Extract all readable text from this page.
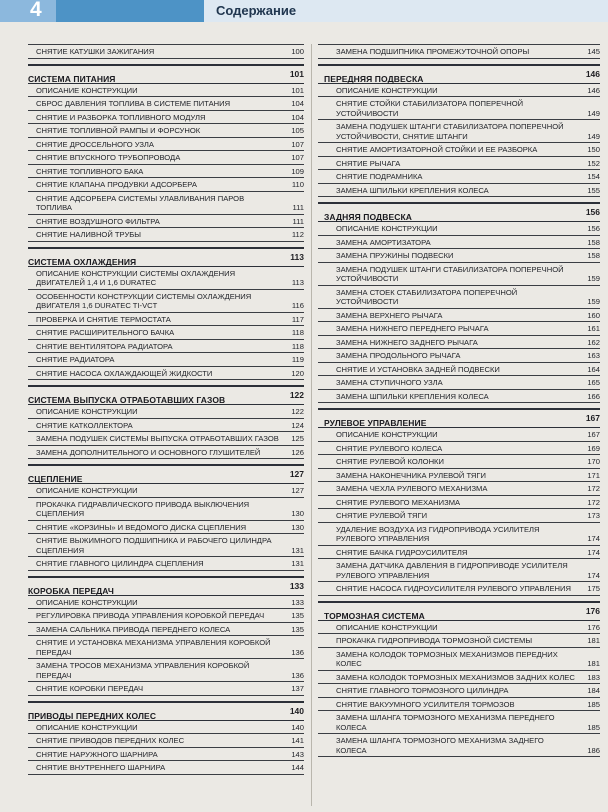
4	Содержание
СНЯТИЕ КАТУШКИ ЗАЖИГАНИЯ	100
СИСТЕМА ПИТАНИЯ	101
ОПИСАНИЕ КОНСТРУКЦИИ	101
СБРОС ДАВЛЕНИЯ ТОПЛИВА В СИСТЕМЕ ПИТАНИЯ	104
СНЯТИЕ И РАЗБОРКА ТОПЛИВНОГО МОДУЛЯ	104
СНЯТИЕ ТОПЛИВНОЙ РАМПЫ И ФОРСУНОК	105
СНЯТИЕ ДРОССЕЛЬНОГО УЗЛА	107
СНЯТИЕ ВПУСКНОГО ТРУБОПРОВОДА	107
СНЯТИЕ ТОПЛИВНОГО БАКА	109
СНЯТИЕ КЛАПАНА ПРОДУВКИ АДСОРБЕРА	110
СНЯТИЕ АДСОРБЕРА СИСТЕМЫ УЛАВЛИВАНИЯ ПАРОВ ТОПЛИВА	111
СНЯТИЕ ВОЗДУШНОГО ФИЛЬТРА	111
СНЯТИЕ НАЛИВНОЙ ТРУБЫ	112
СИСТЕМА ОХЛАЖДЕНИЯ	113
ОПИСАНИЕ КОНСТРУКЦИИ СИСТЕМЫ ОХЛАЖДЕНИЯ ДВИГАТЕЛЕЙ 1,4 И 1,6 DURATEC	113
ОСОБЕННОСТИ КОНСТРУКЦИИ СИСТЕМЫ ОХЛАЖДЕНИЯ ДВИГАТЕЛЯ 1,6 DURATEC TI-VCT	116
ПРОВЕРКА И СНЯТИЕ ТЕРМОСТАТА	117
СНЯТИЕ РАСШИРИТЕЛЬНОГО БАЧКА	118
СНЯТИЕ ВЕНТИЛЯТОРА РАДИАТОРА	118
СНЯТИЕ РАДИАТОРА	119
СНЯТИЕ НАСОСА ОХЛАЖДАЮЩЕЙ ЖИДКОСТИ	120
СИСТЕМА ВЫПУСКА ОТРАБОТАВШИХ ГАЗОВ	122
ОПИСАНИЕ КОНСТРУКЦИИ	122
СНЯТИЕ КАТКОЛЛЕКТОРА	124
ЗАМЕНА ПОДУШЕК СИСТЕМЫ ВЫПУСКА ОТРАБОТАВШИХ ГАЗОВ 125
ЗАМЕНА ДОПОЛНИТЕЛЬНОГО И ОСНОВНОГО ГЛУШИТЕЛЕЙ	126
СЦЕПЛЕНИЕ	127
ОПИСАНИЕ КОНСТРУКЦИИ	127
ПРОКАЧКА ГИДРАВЛИЧЕСКОГО ПРИВОДА ВЫКЛЮЧЕНИЯ СЦЕПЛЕНИЯ	130
СНЯТИЕ «КОРЗИНЫ» И ВЕДОМОГО ДИСКА СЦЕПЛЕНИЯ	130
СНЯТИЕ ВЫЖИМНОГО ПОДШИПНИКА И РАБОЧЕГО ЦИЛИНДРА СЦЕПЛЕНИЯ	131
СНЯТИЕ ГЛАВНОГО ЦИЛИНДРА СЦЕПЛЕНИЯ	131
КОРОБКА ПЕРЕДАЧ	133
ОПИСАНИЕ КОНСТРУКЦИИ	133
РЕГУЛИРОВКА ПРИВОДА УПРАВЛЕНИЯ КОРОБКОЙ ПЕРЕДАЧ	135
ЗАМЕНА САЛЬНИКА ПРИВОДА ПЕРЕДНЕГО КОЛЕСА	135
СНЯТИЕ И УСТАНОВКА МЕХАНИЗМА УПРАВЛЕНИЯ КОРОБКОЙ ПЕРЕДАЧ	136
ЗАМЕНА ТРОСОВ МЕХАНИЗМА УПРАВЛЕНИЯ КОРОБКОЙ ПЕРЕДАЧ	136
СНЯТИЕ КОРОБКИ ПЕРЕДАЧ	137
ПРИВОДЫ ПЕРЕДНИХ КОЛЕС	140
ОПИСАНИЕ КОНСТРУКЦИИ	140
СНЯТИЕ ПРИВОДОВ ПЕРЕДНИХ КОЛЕС	141
СНЯТИЕ НАРУЖНОГО ШАРНИРА	143
СНЯТИЕ ВНУТРЕННЕГО ШАРНИРА	144
ЗАМЕНА ПОДШИПНИКА ПРОМЕЖУТОЧНОЙ ОПОРЫ	145
ПЕРЕДНЯЯ ПОДВЕСКА	146
ОПИСАНИЕ КОНСТРУКЦИИ	146
СНЯТИЕ СТОЙКИ СТАБИЛИЗАТОРА ПОПЕРЕЧНОЙ УСТОЙЧИВОСТИ	149
ЗАМЕНА ПОДУШЕК ШТАНГИ СТАБИЛИЗАТОРА ПОПЕРЕЧНОЙ УСТОЙЧИВОСТИ, СНЯТИЕ ШТАНГИ	149
СНЯТИЕ АМОРТИЗАТОРНОЙ СТОЙКИ И ЕЕ РАЗБОРКА	150
СНЯТИЕ РЫЧАГА	152
СНЯТИЕ ПОДРАМНИКА	154
ЗАМЕНА ШПИЛЬКИ КРЕПЛЕНИЯ КОЛЕСА	155
ЗАДНЯЯ ПОДВЕСКА	156
ОПИСАНИЕ КОНСТРУКЦИИ	156
ЗАМЕНА АМОРТИЗАТОРА	158
ЗАМЕНА ПРУЖИНЫ ПОДВЕСКИ	158
ЗАМЕНА ПОДУШЕК ШТАНГИ СТАБИЛИЗАТОРА ПОПЕРЕЧНОЙ УСТОЙЧИВОСТИ	159
ЗАМЕНА СТОЕК СТАБИЛИЗАТОРА ПОПЕРЕЧНОЙ УСТОЙЧИВОСТИ	159
ЗАМЕНА ВЕРХНЕГО РЫЧАГА	160
ЗАМЕНА НИЖНЕГО ПЕРЕДНЕГО РЫЧАГА	161
ЗАМЕНА НИЖНЕГО ЗАДНЕГО РЫЧАГА	162
ЗАМЕНА ПРОДОЛЬНОГО РЫЧАГА	163
СНЯТИЕ И УСТАНОВКА ЗАДНЕЙ ПОДВЕСКИ	164
ЗАМЕНА СТУПИЧНОГО УЗЛА	165
ЗАМЕНА ШПИЛЬКИ КРЕПЛЕНИЯ КОЛЕСА	166
РУЛЕВОЕ УПРАВЛЕНИЕ	167
ОПИСАНИЕ КОНСТРУКЦИИ	167
СНЯТИЕ РУЛЕВОГО КОЛЕСА	169
СНЯТИЕ РУЛЕВОЙ КОЛОНКИ	170
ЗАМЕНА НАКОНЕЧНИКА РУЛЕВОЙ ТЯГИ	171
ЗАМЕНА ЧЕХЛА РУЛЕВОГО МЕХАНИЗМА	172
СНЯТИЕ РУЛЕВОГО МЕХАНИЗМА	172
СНЯТИЕ РУЛЕВОЙ ТЯГИ	173
УДАЛЕНИЕ ВОЗДУХА ИЗ ГИДРОПРИВОДА УСИЛИТЕЛЯ РУЛЕВОГО УПРАВЛЕНИЯ	174
СНЯТИЕ БАЧКА ГИДРОУСИЛИТЕЛЯ	174
ЗАМЕНА ДАТЧИКА ДАВЛЕНИЯ В ГИДРОПРИВОДЕ УСИЛИТЕЛЯ РУЛЕВОГО УПРАВЛЕНИЯ	174
СНЯТИЕ НАСОСА ГИДРОУСИЛИТЕЛЯ РУЛЕВОГО УПРАВЛЕНИЯ 175
ТОРМОЗНАЯ СИСТЕМА	176
ОПИСАНИЕ КОНСТРУКЦИИ	176
ПРОКАЧКА ГИДРОПРИВОДА ТОРМОЗНОЙ СИСТЕМЫ	181
ЗАМЕНА КОЛОДОК ТОРМОЗНЫХ МЕХАНИЗМОВ ПЕРЕДНИХ КОЛЕС	181
ЗАМЕНА КОЛОДОК ТОРМОЗНЫХ МЕХАНИЗМОВ ЗАДНИХ КОЛЕС 183
СНЯТИЕ ГЛАВНОГО ТОРМОЗНОГО ЦИЛИНДРА	184
СНЯТИЕ ВАКУУМНОГО УСИЛИТЕЛЯ ТОРМОЗОВ	185
ЗАМЕНА ШЛАНГА ТОРМОЗНОГО МЕХАНИЗМА ПЕРЕДНЕГО КОЛЕСА	185
ЗАМЕНА ШЛАНГА ТОРМОЗНОГО МЕХАНИЗМА ЗАДНЕГО КОЛЕСА	186
